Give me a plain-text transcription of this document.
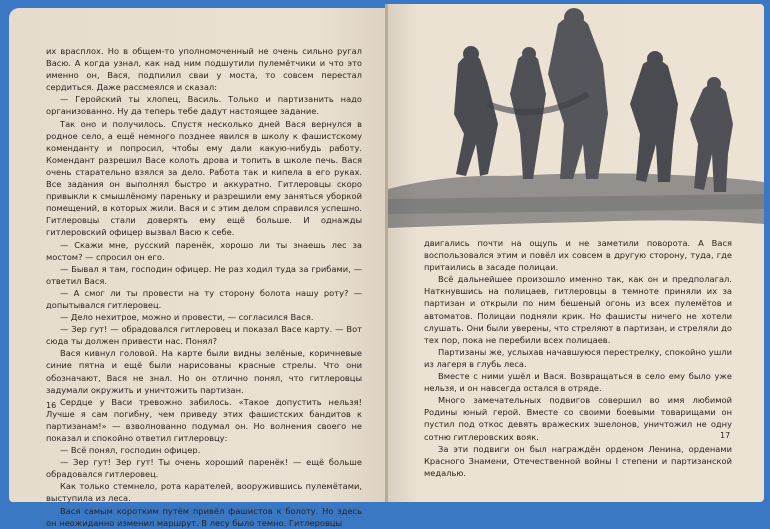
их врасплох. Но в общем-то уполномоченный не очень сильно ругал Васю. А когда узнал, как над ним подшутили пулемётчики и что это именно он, Вася, подпилил сваи у моста, то совсем перестал сердиться. Даже рассмеялся и сказал:

— Геройский ты хлопец, Василь. Только и партизанить надо организованно. Ну да теперь тебе дадут настоящее задание.

Так оно и получилось. Спустя несколько дней Вася вернулся в родное село, а ещё немного позднее явился в школу к фашистскому коменданту и попросил, чтобы ему дали какую-нибудь работу. Комендант разрешил Васе колоть дрова и топить в школе печь. Вася очень старательно взялся за дело. Работа так и кипела в его руках. Все задания он выполнял быстро и аккуратно. Гитлеровцы скоро привыкли к смышлёному пареньку и разрешили ему заняться уборкой помещений, в которых жили. Вася и с этим делом справился успешно. Гитлеровцы стали доверять ему ещё больше. И однажды гитлеровский офицер вызвал Васю к себе.

— Скажи мне, русский паренёк, хорошо ли ты знаешь лес за мостом? — спросил он его.

— Бывал я там, господин офицер. Не раз ходил туда за грибами, — ответил Вася.

— А смог ли ты провести на ту сторону болота нашу роту? — допытывался гитлеровец.

— Дело нехитрое, можно и провести, — согласился Вася.

— Зер гут! — обрадовался гитлеровец и показал Васе карту. — Вот сюда ты должен привести нас. Понял?

Вася кивнул головой. На карте были видны зелёные, коричневые синие пятна и ещё были нарисованы красные стрелы. Что они обозначают, Вася не знал. Но он отлично понял, что гитлеровцы задумали окружить и уничтожить партизан.

Сердце у Васи тревожно забилось. «Такое допустить нельзя! Лучше я сам погибну, чем приведу этих фашистских бандитов к партизанам!» — взволнованно подумал он. Но волнения своего не показал и спокойно ответил гитлеровцу:

— Всё понял, господин офицер.

— Зер гут! Зер гут! Ты очень хороший паренёк! — ещё больше обрадовался гитлеровец.

Как только стемнело, рота карателей, вооружившись пулемётами, выступила из леса.

Вася самым коротким путём привёл фашистов к болоту. Но здесь он неожиданно изменил маршрут. В лесу было темно. Гитлеровцы

16

двигались почти на ощупь и не заметили поворота. А Вася воспользовался этим и повёл их совсем в другую сторону, туда, где притаились в засаде полицаи.

Всё дальнейшее произошло именно так, как он и предполагал. Наткнувшись на полицаев, гитлеровцы в темноте приняли их за партизан и открыли по ним бешеный огонь из всех пулемётов и автоматов. Полицаи подняли крик. Но фашисты ничего не хотели слушать. Они были уверены, что стреляют в партизан, и стреляли до тех пор, пока не перебили всех полицаев.

Партизаны же, услыхав начавшуюся перестрелку, спокойно ушли из лагеря в глубь леса.

Вместе с ними ушёл и Вася. Возвращаться в село ему было уже нельзя, и он навсегда остался в отряде.

Много замечательных подвигов совершил во имя любимой Родины юный герой. Вместе со своими боевыми товарищами он пустил под откос девять вражеских эшелонов, уничтожил не одну сотню гитлеровских вояк.

За эти подвиги он был награждён орденом Ленина, орденами Красного Знамени, Отечественной войны I степени и партизанской медалью.

17
